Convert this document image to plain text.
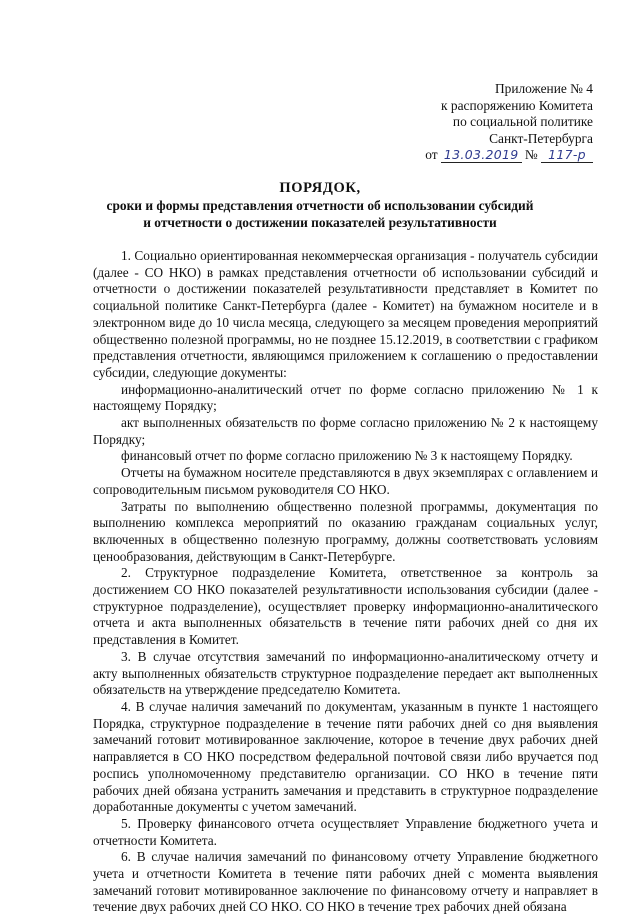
Приложение № 4
к распоряжению Комитета
по социальной политике
Санкт-Петербурга
от 13.03.2019 № 117-р
ПОРЯДОК,
сроки и формы представления отчетности об использовании субсидий
и отчетности о достижении показателей результативности

1. Социально ориентированная некоммерческая организация - получатель субсидии (далее - СО НКО) в рамках представления отчетности об использовании субсидий и отчетности о достижении показателей результативности представляет в Комитет по социальной политике Санкт-Петербурга (далее - Комитет) на бумажном носителе и в электронном виде до 10 числа месяца, следующего за месяцем проведения мероприятий общественно полезной программы, но не позднее 15.12.2019, в соответствии с графиком представления отчетности, являющимся приложением к соглашению о предоставлении субсидии, следующие документы:

информационно-аналитический отчет по форме согласно приложению № 1 к настоящему Порядку;

акт выполненных обязательств по форме согласно приложению № 2 к настоящему Порядку;

финансовый отчет по форме согласно приложению № 3 к настоящему Порядку.

Отчеты на бумажном носителе представляются в двух экземплярах с оглавлением и сопроводительным письмом руководителя СО НКО.

Затраты по выполнению общественно полезной программы, документация по выполнению комплекса мероприятий по оказанию гражданам социальных услуг, включенных в общественно полезную программу, должны соответствовать условиям ценообразования, действующим в Санкт-Петербурге.

2. Структурное подразделение Комитета, ответственное за контроль за достижением СО НКО показателей результативности использования субсидии (далее - структурное подразделение), осуществляет проверку информационно-аналитического отчета и акта выполненных обязательств в течение пяти рабочих дней со дня их представления в Комитет.

3. В случае отсутствия замечаний по информационно-аналитическому отчету и акту выполненных обязательств структурное подразделение передает акт выполненных обязательств на утверждение председателю Комитета.

4. В случае наличия замечаний по документам, указанным в пункте 1 настоящего Порядка, структурное подразделение в течение пяти рабочих дней со дня выявления замечаний готовит мотивированное заключение, которое в течение двух рабочих дней направляется в СО НКО посредством федеральной почтовой связи либо вручается под роспись уполномоченному представителю организации. СО НКО в течение пяти рабочих дней обязана устранить замечания и представить в структурное подразделение доработанные документы с учетом замечаний.

5. Проверку финансового отчета осуществляет Управление бюджетного учета и отчетности Комитета.

6. В случае наличия замечаний по финансовому отчету Управление бюджетного учета и отчетности Комитета в течение пяти рабочих дней с момента выявления замечаний готовит мотивированное заключение по финансовому отчету и направляет в течение двух рабочих дней СО НКО. СО НКО в течение трех рабочих дней обязана
